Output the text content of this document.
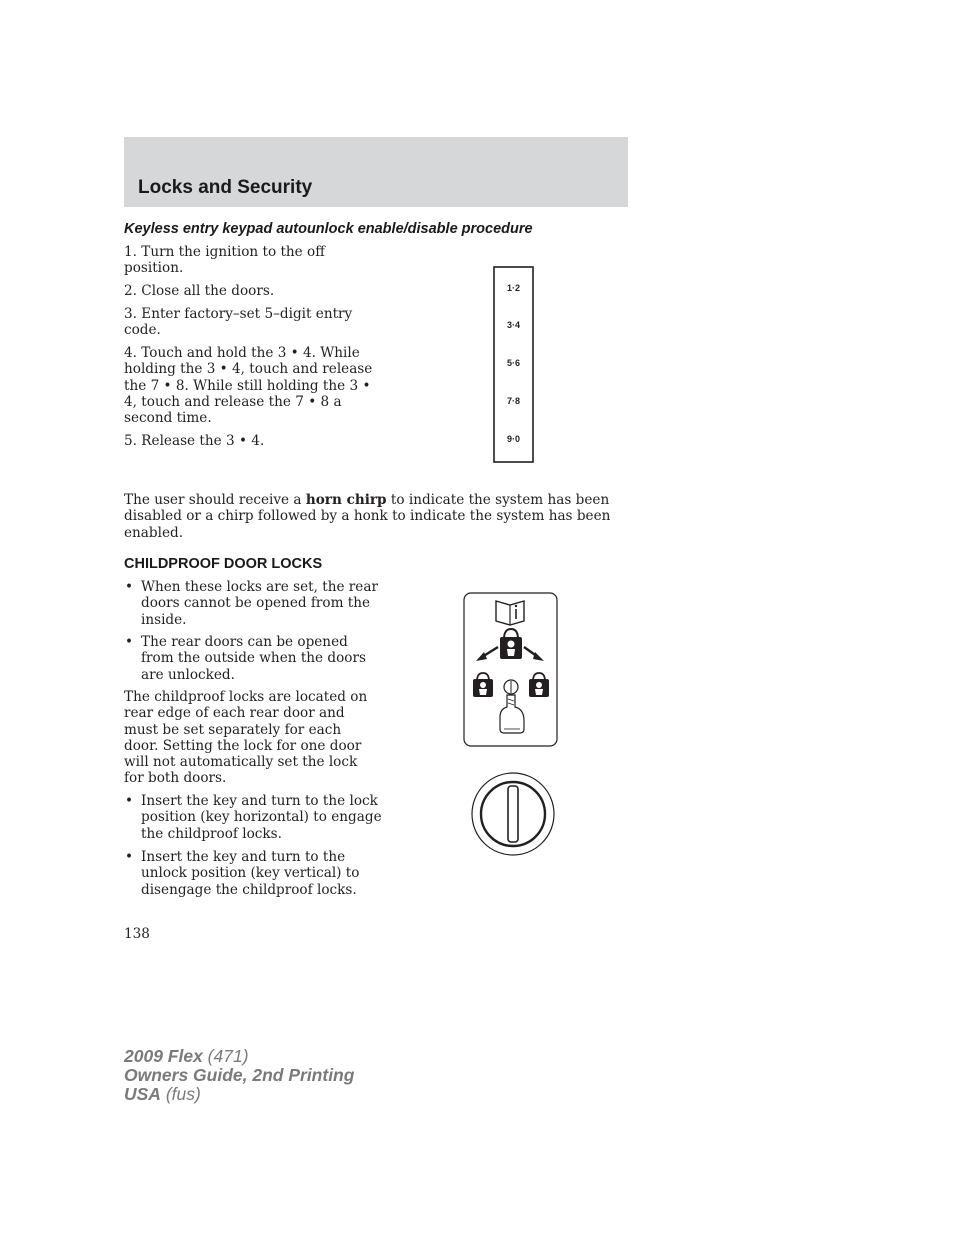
Locks and Security
Keyless entry keypad autounlock enable/disable procedure

1. Turn the ignition to the off position.

2. Close all the doors.

3. Enter factory–set 5–digit entry code.

4. Touch and hold the 3 • 4. While holding the 3 • 4, touch and release the 7 • 8. While still holding the 3 • 4, touch and release the 7 • 8 a second time.

5. Release the 3 • 4.

1·2
3·4
5·6
7·8
9·0

The user should receive a horn chirp to indicate the system has been disabled or a chirp followed by a honk to indicate the system has been enabled.

CHILDPROOF DOOR LOCKS
• When these locks are set, the rear doors cannot be opened from the inside.
• The rear doors can be opened from the outside when the doors are unlocked.

The childproof locks are located on rear edge of each rear door and must be set separately for each door. Setting the lock for one door will not automatically set the lock for both doors.

• Insert the key and turn to the lock position (key horizontal) to engage the childproof locks.
• Insert the key and turn to the unlock position (key vertical) to disengage the childproof locks.
138
2009 Flex (471)
Owners Guide, 2nd Printing
USA (fus)
